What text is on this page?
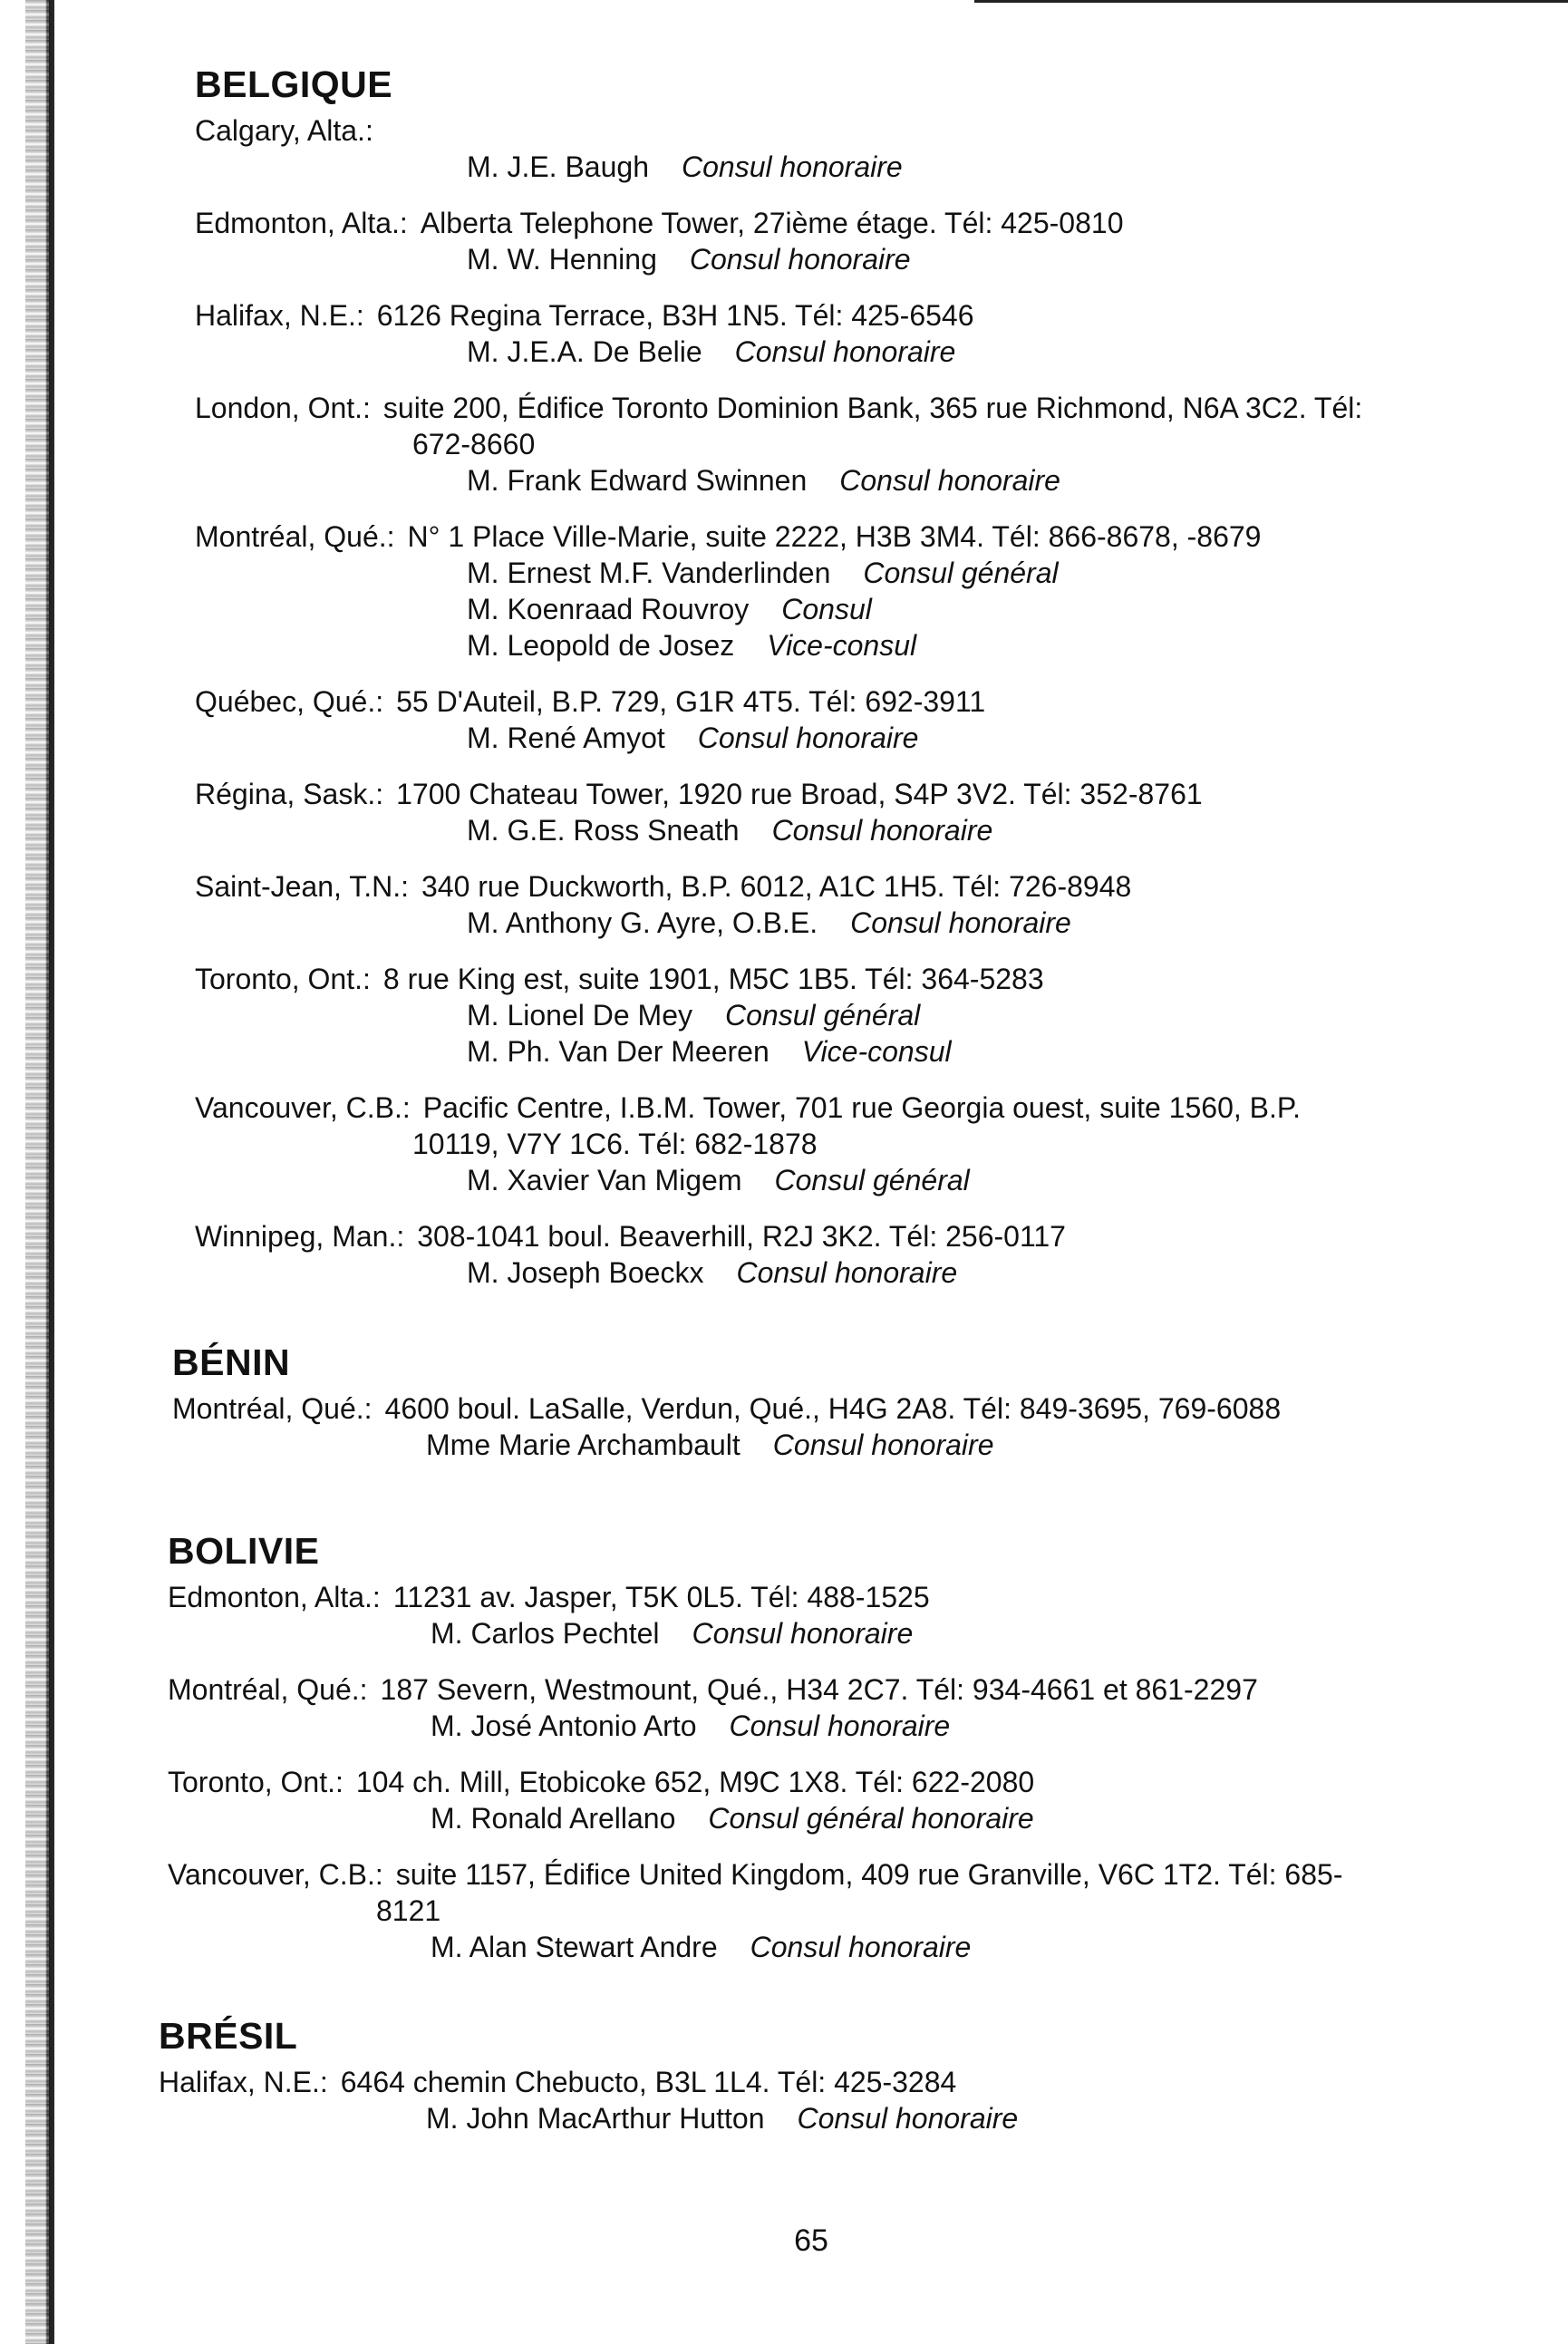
BELGIQUE
Calgary, Alta.:
M. J.E. Baugh Consul honoraire
Edmonton, Alta.: Alberta Telephone Tower, 27ième étage. Tél: 425-0810
M. W. Henning Consul honoraire
Halifax, N.E.: 6126 Regina Terrace, B3H 1N5. Tél: 425-6546
M. J.E.A. De Belie Consul honoraire
London, Ont.: suite 200, Édifice Toronto Dominion Bank, 365 rue Richmond, N6A 3C2. Tél:
672-8660
M. Frank Edward Swinnen Consul honoraire
Montréal, Qué.: N° 1 Place Ville-Marie, suite 2222, H3B 3M4. Tél: 866-8678, -8679
M. Ernest M.F. Vanderlinden Consul général
M. Koenraad Rouvroy Consul
M. Leopold de Josez Vice-consul
Québec, Qué.: 55 D'Auteil, B.P. 729, G1R 4T5. Tél: 692-3911
M. René Amyot Consul honoraire
Régina, Sask.: 1700 Chateau Tower, 1920 rue Broad, S4P 3V2. Tél: 352-8761
M. G.E. Ross Sneath Consul honoraire
Saint-Jean, T.N.: 340 rue Duckworth, B.P. 6012, A1C 1H5. Tél: 726-8948
M. Anthony G. Ayre, O.B.E. Consul honoraire
Toronto, Ont.: 8 rue King est, suite 1901, M5C 1B5. Tél: 364-5283
M. Lionel De Mey Consul général
M. Ph. Van Der Meeren Vice-consul
Vancouver, C.B.: Pacific Centre, I.B.M. Tower, 701 rue Georgia ouest, suite 1560, B.P.
10119, V7Y 1C6. Tél: 682-1878
M. Xavier Van Migem Consul général
Winnipeg, Man.: 308-1041 boul. Beaverhill, R2J 3K2. Tél: 256-0117
M. Joseph Boeckx Consul honoraire
BÉNIN
Montréal, Qué.: 4600 boul. LaSalle, Verdun, Qué., H4G 2A8. Tél: 849-3695, 769-6088
Mme Marie Archambault Consul honoraire
BOLIVIE
Edmonton, Alta.: 11231 av. Jasper, T5K 0L5. Tél: 488-1525
M. Carlos Pechtel Consul honoraire
Montréal, Qué.: 187 Severn, Westmount, Qué., H34 2C7. Tél: 934-4661 et 861-2297
M. José Antonio Arto Consul honoraire
Toronto, Ont.: 104 ch. Mill, Etobicoke 652, M9C 1X8. Tél: 622-2080
M. Ronald Arellano Consul général honoraire
Vancouver, C.B.: suite 1157, Édifice United Kingdom, 409 rue Granville, V6C 1T2. Tél: 685-
8121
M. Alan Stewart Andre Consul honoraire
BRÉSIL
Halifax, N.E.: 6464 chemin Chebucto, B3L 1L4. Tél: 425-3284
M. John MacArthur Hutton Consul honoraire
65
